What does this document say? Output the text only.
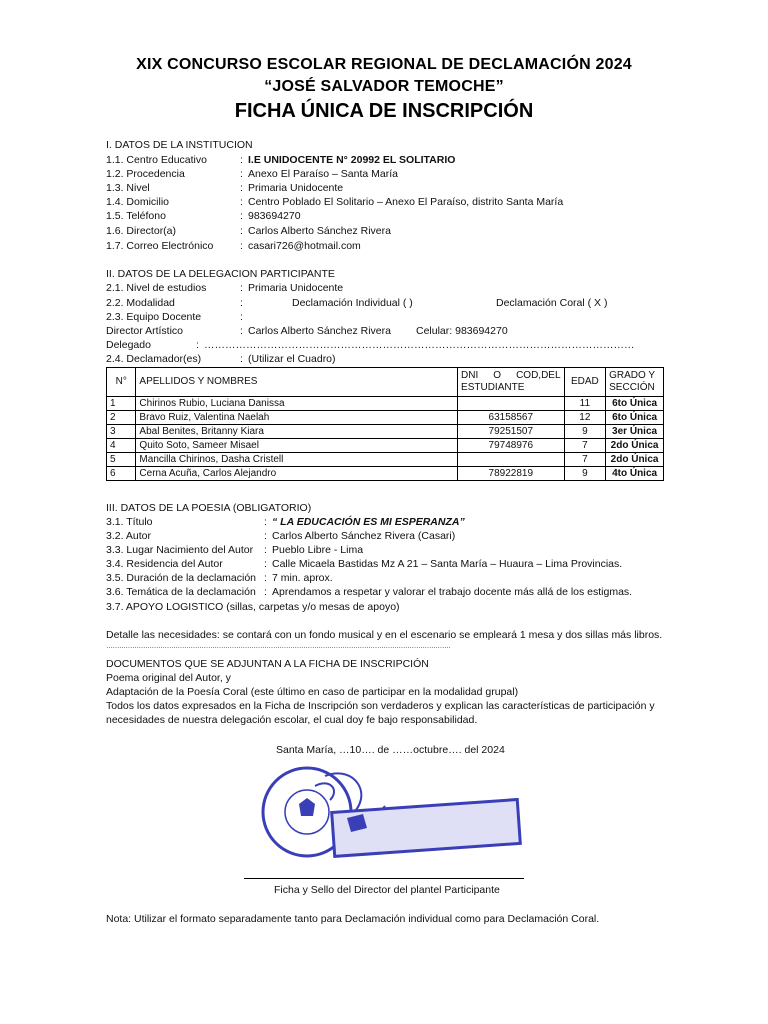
XIX CONCURSO ESCOLAR REGIONAL DE DECLAMACIÓN 2024
“JOSÉ SALVADOR TEMOCHE”
FICHA ÚNICA DE INSCRIPCIÓN
I. DATOS DE LA INSTITUCION
1.1. Centro Educativo	: I.E UNIDOCENTE N° 20992 EL SOLITARIO
1.2. Procedencia	: Anexo El Paraíso – Santa María
1.3. Nivel	: Primaria Unidocente
1.4. Domicilio	: Centro Poblado El Solitario – Anexo El Paraíso, distrito Santa María
1.5. Teléfono	: 983694270
1.6. Director(a)	: Carlos Alberto Sánchez Rivera
1.7. Correo Electrónico	: casari726@hotmail.com
II. DATOS DE LA DELEGACION PARTICIPANTE
2.1. Nivel de estudios	: Primaria Unidocente
2.2. Modalidad	:	Declamación Individual ( )	Declamación Coral ( X )
2.3. Equipo Docente	:
Director Artístico	: Carlos Alberto Sánchez Rivera Celular: 983694270
Delegado	: ……………………………………………………………………………………………………………
2.4. Declamador(es)	: (Utilizar el Cuadro)
N°	APELLIDOS Y NOMBRES	DNI O COD,DEL ESTUDIANTE	EDAD	GRADO Y SECCIÓN
1	Chirinos Rubio, Luciana Danissa		11	6to Única
2	Bravo Ruiz, Valentina Naelah	63158567	12	6to Única
3	Abal Benites, Britanny Kiara	79251507	9	3er Única
4	Quito Soto, Sameer Misael	79748976	7	2do Única
5	Mancilla Chirinos, Dasha Cristell		7	2do Única
6	Cerna Acuña, Carlos Alejandro	78922819	9	4to Única
III. DATOS DE LA POESIA (OBLIGATORIO)
3.1. Título	: “ LA EDUCACIÓN ES MI ESPERANZA”
3.2. Autor	: Carlos Alberto Sánchez Rivera (Casari)
3.3. Lugar Nacimiento del Autor : Pueblo Libre - Lima
3.4. Residencia del Autor	: Calle Micaela Bastidas Mz A 21 – Santa María – Huaura – Lima Provincias.
3.5. Duración de la declamación : 7 min. aprox.
3.6. Temática de la declamación : Aprendamos a respetar y valorar el trabajo docente más allá de los estigmas.
3.7. APOYO LOGISTICO (sillas, carpetas y/o mesas de apoyo)
Detalle las necesidades: se contará con un fondo musical y en el escenario se empleará 1 mesa y dos sillas más libros.
……………………………………………………………………………………………………………………………………………
DOCUMENTOS QUE SE ADJUNTAN A LA FICHA DE INSCRIPCIÓN
Poema original del Autor, y
Adaptación de la Poesía Coral (este último en caso de participar en la modalidad grupal)
Todos los datos expresados en la Ficha de Inscripción son verdaderos y explican las características de participación y
necesidades de nuestra delegación escolar, el cual doy fe bajo responsabilidad.
Santa María, …10…. de ……octubre…. del 2024
Ficha y Sello del Director del plantel Participante
Nota: Utilizar el formato separadamente tanto para Declamación individual como para Declamación Coral.
